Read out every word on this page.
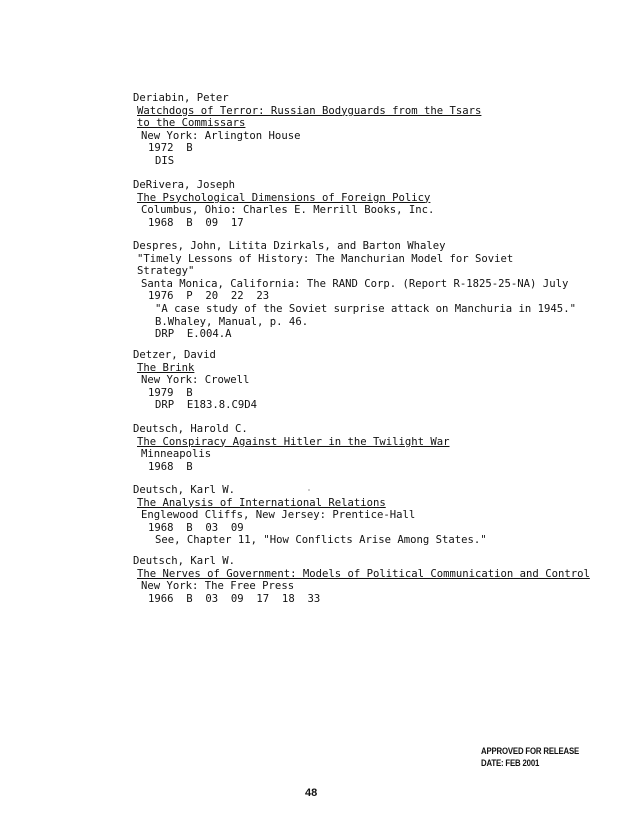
Deriabin, Peter
Watchdogs of Terror: Russian Bodyguards from the Tsars
to the Commissars
New York: Arlington House
1972  B
DIS
DeRivera, Joseph
The Psychological Dimensions of Foreign Policy
Columbus, Ohio: Charles E. Merrill Books, Inc.
1968  B  09  17
Despres, John, Litita Dzirkals, and Barton Whaley
"Timely Lessons of History: The Manchurian Model for Soviet
Strategy"
Santa Monica, California: The RAND Corp. (Report R-1825-25-NA) July
1976  P  20  22  23
"A case study of the Soviet surprise attack on Manchuria in 1945."
B.Whaley, Manual, p. 46.
DRP  E.004.A
Detzer, David
The Brink
New York: Crowell
1979  B
DRP  E183.8.C9D4
Deutsch, Harold C.
The Conspiracy Against Hitler in the Twilight War
Minneapolis
1968  B
Deutsch, Karl W.
The Analysis of International Relations
Englewood Cliffs, New Jersey: Prentice-Hall
1968  B  03  09
See, Chapter 11, "How Conflicts Arise Among States."
Deutsch, Karl W.
The Nerves of Government: Models of Political Communication and Control
New York: The Free Press
1966  B  03  09  17  18  33
APPROVED FOR RELEASE
DATE: FEB 2001
48
